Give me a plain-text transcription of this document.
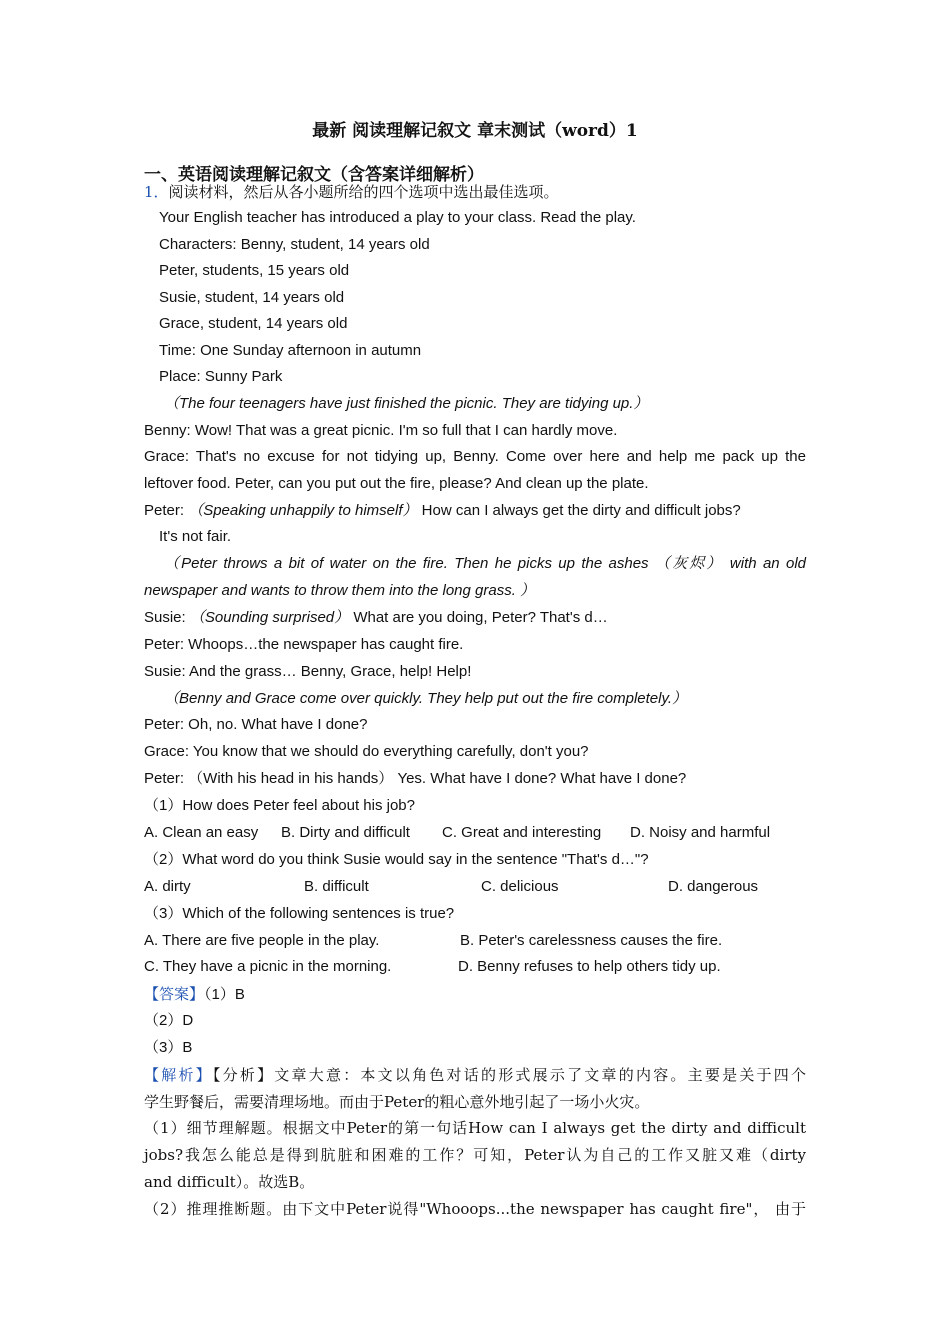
最新 阅读理解记叙文 章末测试（word）1
一、英语阅读理解记叙文（含答案详细解析）
1．阅读材料，然后从各小题所给的四个选项中选出最佳选项。
Your English teacher has introduced a play to your class. Read the play.
Characters: Benny, student, 14 years old
Peter, students, 15 years old
Susie, student, 14 years old
Grace, student, 14 years old
Time: One Sunday afternoon in autumn
Place: Sunny Park
（The four teenagers have just finished the picnic. They are tidying up.）
Benny: Wow! That was a great picnic. I'm so full that I can hardly move.
Grace: That's no excuse for not tidying up, Benny. Come over here and help me pack up the
leftover food. Peter, can you put out the fire, please? And clean up the plate.
Peter: （Speaking unhappily to himself） How can I always get the dirty and difficult jobs?
It's not fair.
（Peter throws a bit of water on the fire. Then he picks up the ashes （灰烬） with an old
newspaper and wants to throw them into the long grass. ）
Susie: （Sounding surprised） What are you doing, Peter? That's d…
Peter: Whoops…the newspaper has caught fire.
Susie: And the grass… Benny, Grace, help! Help!
（Benny and Grace come over quickly. They help put out the fire completely.）
Peter: Oh, no. What have I done?
Grace: You know that we should do everything carefully, don't you?
Peter: （With his head in his hands） Yes. What have I done? What have I done?
（1）How does Peter feel about his job?
A. Clean an easy B. Dirty and difficult C. Great and interesting D. Noisy and harmful
（2）What word do you think Susie would say in the sentence "That's d…"?
A. dirty	B. difficult	C. delicious	D. dangerous
（3）Which of the following sentences is true?
A. There are five people in the play.	B. Peter's carelessness causes the fire.
C. They have a picnic in the morning.	D. Benny refuses to help others tidy up.
【答案】（1）B
（2）D
（3）B
【解析】【分析】文章大意：本文以角色对话的形式展示了文章的内容。主要是关于四个
学生野餐后，需要清理场地。而由于Peter的粗心意外地引起了一场小火灾。
（1）细节理解题。根据文中Peter的第一句话How can I always get the dirty and difficult
jobs?我怎么能总是得到肮脏和困难的工作？可知，Peter认为自己的工作又脏又难（dirty
and difficult）。故选B。
（2）推理推断题。由下文中Peter说得"Whooops...the newspaper has caught fire"， 由于
